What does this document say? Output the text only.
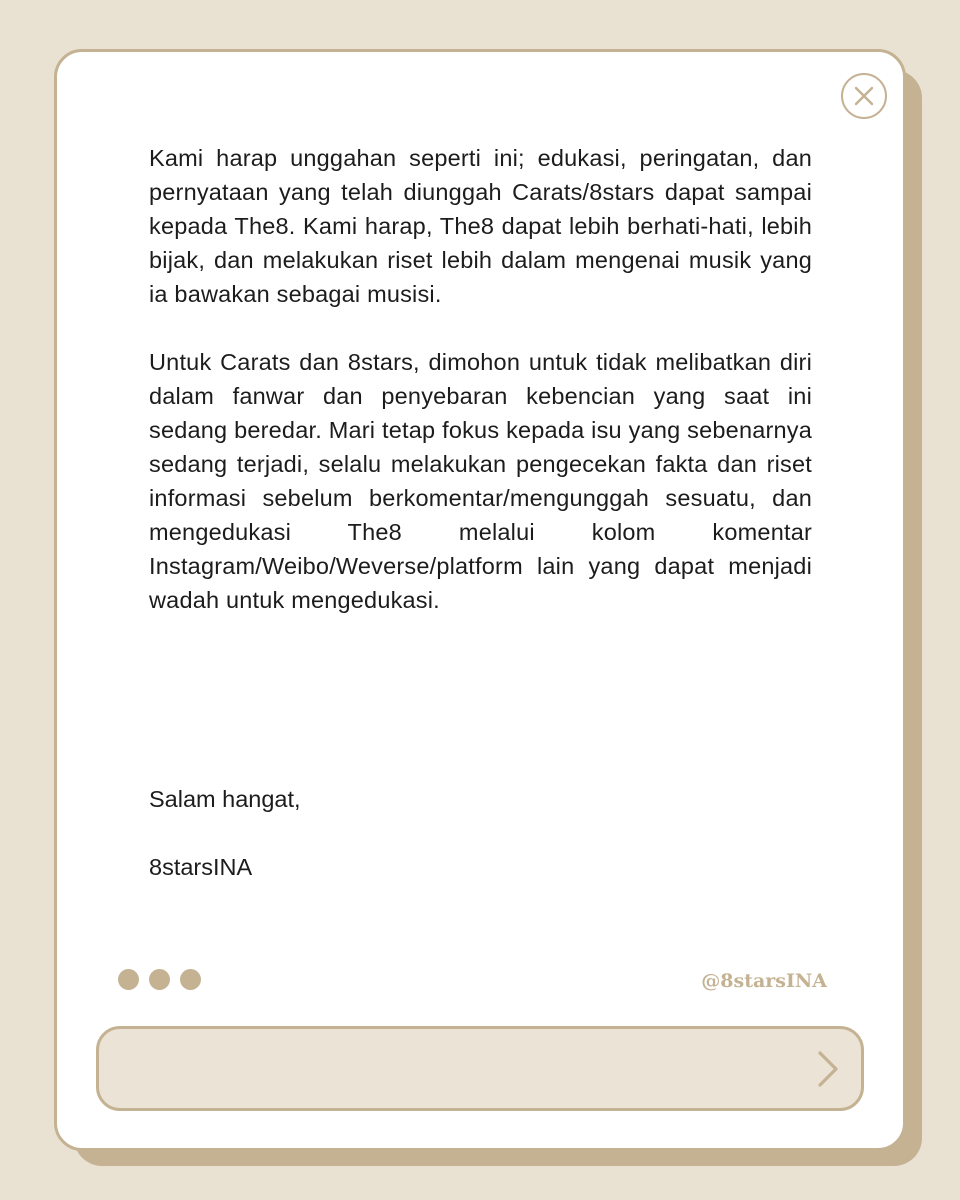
Kami harap unggahan seperti ini; edukasi, peringatan, dan pernyataan yang telah diunggah Carats/8stars dapat sampai kepada The8. Kami harap, The8 dapat lebih berhati-hati, lebih bijak, dan melakukan riset lebih dalam mengenai musik yang ia bawakan sebagai musisi.

Untuk Carats dan 8stars, dimohon untuk tidak melibatkan diri dalam fanwar dan penyebaran kebencian yang saat ini sedang beredar. Mari tetap fokus kepada isu yang sebenarnya sedang terjadi, selalu melakukan pengecekan fakta dan riset informasi sebelum berkomentar/mengunggah sesuatu, dan mengedukasi The8 melalui kolom komentar Instagram/Weibo/Weverse/platform lain yang dapat menjadi wadah untuk mengedukasi.

Salam hangat,
8starsINA
@8starsINA
